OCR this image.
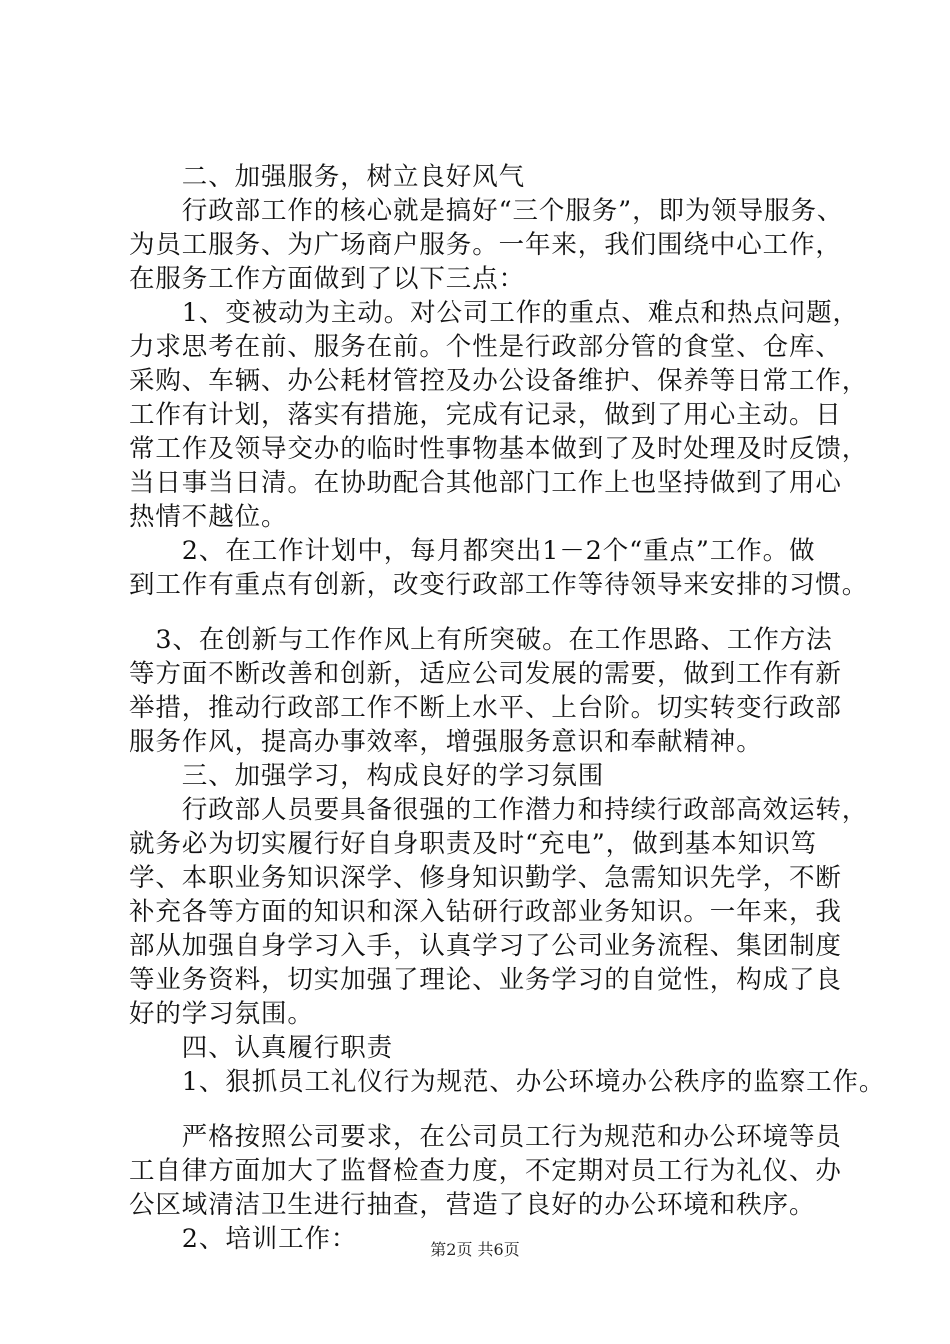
　　二、加强服务，树立良好风气
　　行政部工作的核心就是搞好“三个服务”，即为领导服务、
为员工服务、为广场商户服务。一年来，我们围绕中心工作，
在服务工作方面做到了以下三点：
　　1、变被动为主动。对公司工作的重点、难点和热点问题，
力求思考在前、服务在前。个性是行政部分管的食堂、仓库、
采购、车辆、办公耗材管控及办公设备维护、保养等日常工作，
工作有计划，落实有措施，完成有记录，做到了用心主动。日
常工作及领导交办的临时性事物基本做到了及时处理及时反馈，
当日事当日清。在协助配合其他部门工作上也坚持做到了用心
热情不越位。
　　2、在工作计划中，每月都突出1－2个“重点”工作。做
到工作有重点有创新，改变行政部工作等待领导来安排的习惯。
　3、在创新与工作作风上有所突破。在工作思路、工作方法
等方面不断改善和创新，适应公司发展的需要，做到工作有新
举措，推动行政部工作不断上水平、上台阶。切实转变行政部
服务作风，提高办事效率，增强服务意识和奉献精神。
　　三、加强学习，构成良好的学习氛围
　　行政部人员要具备很强的工作潜力和持续行政部高效运转，
就务必为切实履行好自身职责及时“充电”，做到基本知识笃
学、本职业务知识深学、修身知识勤学、急需知识先学，不断
补充各等方面的知识和深入钻研行政部业务知识。一年来，我
部从加强自身学习入手，认真学习了公司业务流程、集团制度
等业务资料，切实加强了理论、业务学习的自觉性，构成了良
好的学习氛围。
　　四、认真履行职责
　　1、狠抓员工礼仪行为规范、办公环境办公秩序的监察工作。
　　严格按照公司要求，在公司员工行为规范和办公环境等员
工自律方面加大了监督检查力度，不定期对员工行为礼仪、办
公区域清洁卫生进行抽查，营造了良好的办公环境和秩序。
　　2、培训工作：	第2页 共6页
